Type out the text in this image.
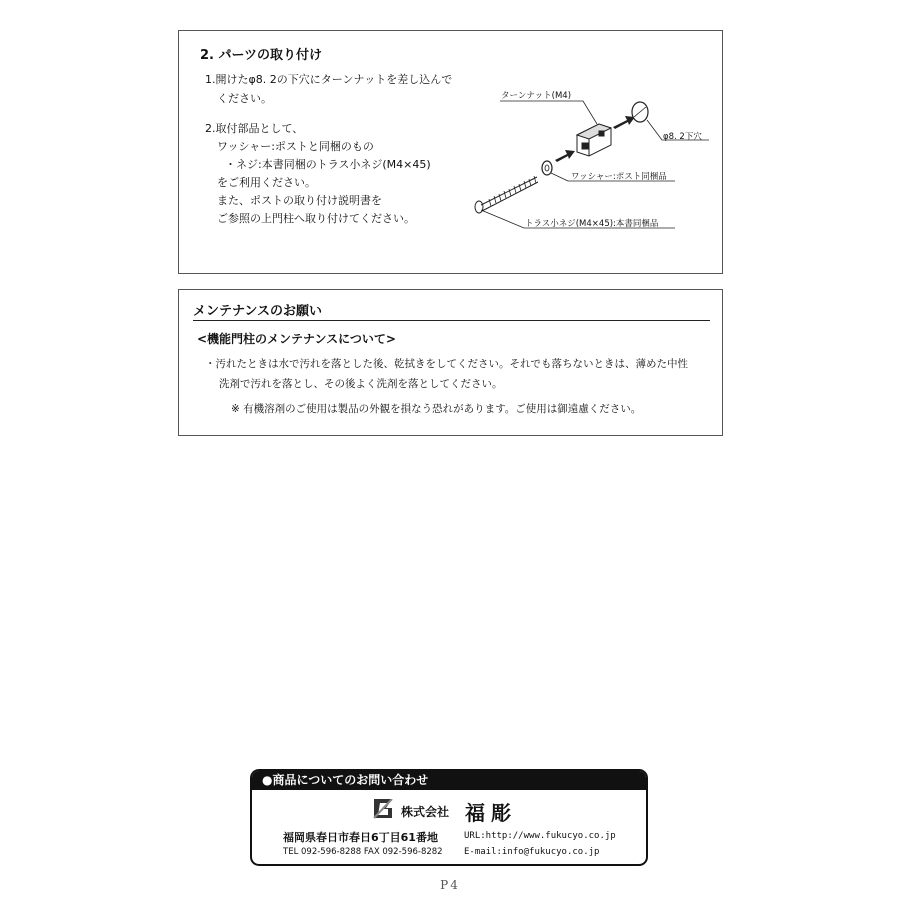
2. パーツの取り付け
1.開けたφ8. 2の下穴にターンナットを差し込んで
ください。
2.取付部品として、
ワッシャー:ポストと同梱のもの
・ネジ:本書同梱のトラス小ネジ(M4×45)
をご利用ください。
また、ポストの取り付け説明書を
ご参照の上門柱へ取り付けてください。
ターンナット(M4)
φ8. 2下穴
ワッシャー:ポスト同梱品
トラス小ネジ(M4×45):本書同梱品
メンテナンスのお願い
<機能門柱のメンテナンスについて>
・汚れたときは水で汚れを落とした後、乾拭きをしてください。それでも落ちないときは、薄めた中性
洗剤で汚れを落とし、その後よく洗剤を落としてください。
※ 有機溶剤のご使用は製品の外観を損なう恐れがあります。ご使用は御遠慮ください。
●商品についてのお問い合わせ
株式会社 福彫
福岡県春日市春日6丁目61番地
TEL 092-596-8288 FAX 092-596-8282
URL:http://www.fukucyo.co.jp
E-mail:info@fukucyo.co.jp
P4
